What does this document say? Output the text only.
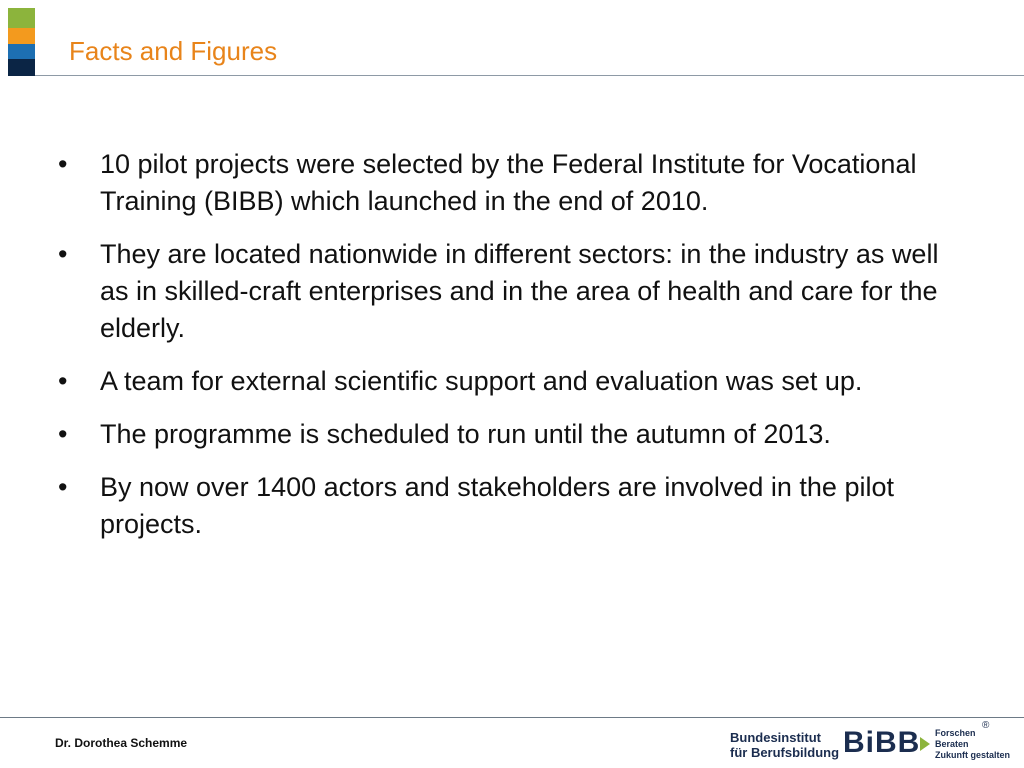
Facts and Figures
• 10 pilot projects were selected by the Federal Institute for Vocational Training (BIBB) which launched in the end of 2010.
• They are located nationwide in different sectors: in the industry as well as in skilled-craft enterprises and in the area of health and care for the elderly.
• A team for external scientific support and evaluation was set up.
• The programme is scheduled to run until the autumn of 2013.
• By now over 1400 actors and stakeholders are involved in the pilot projects.
Dr. Dorothea Schemme	Bundesinstitut
für Berufsbildung BiBB Forschen
Beraten
Zukunft gestalten
®
